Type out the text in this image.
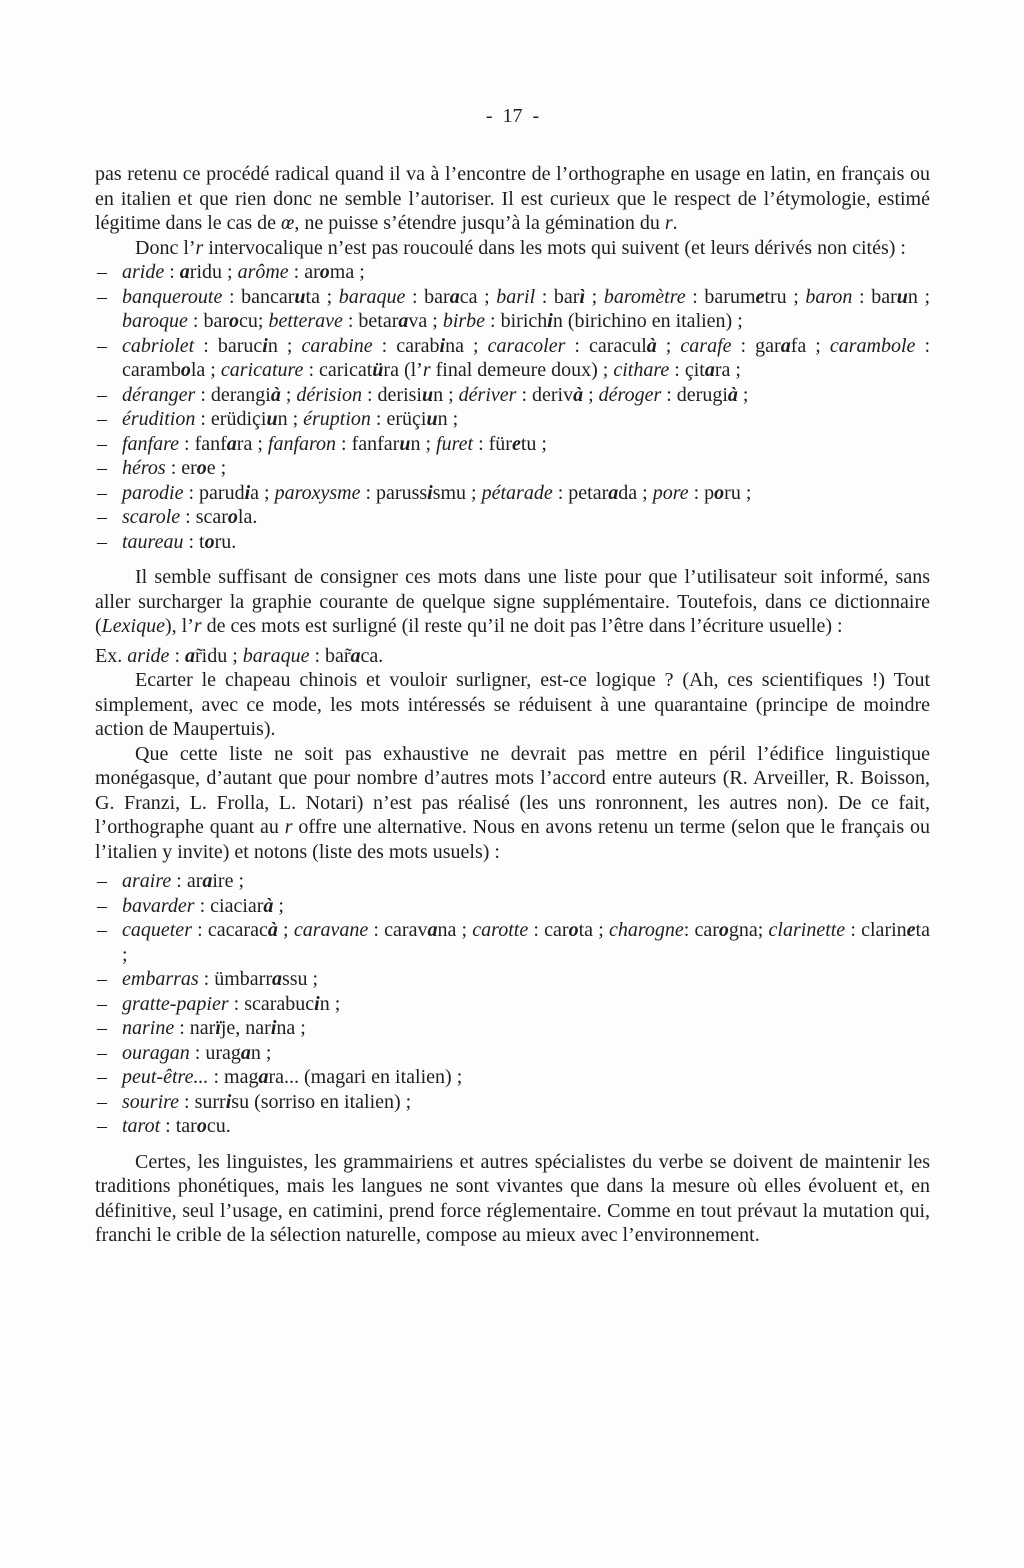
- 17 -

pas retenu ce procédé radical quand il va à l’encontre de l’orthographe en usage en latin, en français ou en italien et que rien donc ne semble l’autoriser. Il est curieux que le respect de l’étymologie, estimé légitime dans le cas de œ, ne puisse s’étendre jusqu’à la gémination du r.

Donc l’r intervocalique n’est pas roucoulé dans les mots qui suivent (et leurs dérivés non cités) :

– aride : aridu ; arôme : aroma ;
– banqueroute : bancaruta ; baraque : baraca ; baril : barì ; baromètre : barumetru ; baron : barun ; baroque : barocu; betterave : betarava ; birbe : birichin (birichino en italien) ;
– cabriolet : barucin ; carabine : carabina ; caracoler : caraculà ; carafe : garafa ; carambole : carambola ; caricature : caricatüra (l’r final demeure doux) ; cithare : çitara ;
– déranger : derangià ; dérision : derisiun ; dériver : derivà ; déroger : derugià ;
– érudition : erüdiçiun ; éruption : erüçiun ;
– fanfare : fanfara ; fanfaron : fanfarun ; furet : füretu ;
– héros : eroe ;
– parodie : parudia ; paroxysme : parussismu ; pétarade : petarada ; pore : poru ;
– scarole : scarola.
– taureau : toru.

Il semble suffisant de consigner ces mots dans une liste pour que l’utilisateur soit informé, sans aller surcharger la graphie courante de quelque signe supplémentaire. Toutefois, dans ce dictionnaire (Lexique), l’r de ces mots est surligné (il reste qu’il ne doit pas l’être dans l’écriture usuelle) :

Ex. aride : ar̃idu ; baraque : bar̃aca.

Ecarter le chapeau chinois et vouloir surligner, est-ce logique ? (Ah, ces scientifiques !) Tout simplement, avec ce mode, les mots intéressés se réduisent à une quarantaine (principe de moindre action de Maupertuis).

Que cette liste ne soit pas exhaustive ne devrait pas mettre en péril l’édifice linguistique monégasque, d’autant que pour nombre d’autres mots l’accord entre auteurs (R. Arveiller, R. Boisson, G. Franzi, L. Frolla, L. Notari) n’est pas réalisé (les uns ronronnent, les autres non). De ce fait, l’orthographe quant au r offre une alternative. Nous en avons retenu un terme (selon que le français ou l’italien y invite) et notons (liste des mots usuels) :

– araire : araire ;
– bavarder : ciaciarà ;
– caqueter : cacaracà ; caravane : caravana ; carotte : carota ; charogne: carogna; clarinette : clarineta ;
– embarras : ümbarrassu ;
– gratte-papier : scarabucin ;
– narine : narïje, narina ;
– ouragan : uragan ;
– peut-être... : magara... (magari en italien) ;
– sourire : surrisu (sorriso en italien) ;
– tarot : tarocu.

Certes, les linguistes, les grammairiens et autres spécialistes du verbe se doivent de maintenir les traditions phonétiques, mais les langues ne sont vivantes que dans la mesure où elles évoluent et, en définitive, seul l’usage, en catimini, prend force réglementaire. Comme en tout prévaut la mutation qui, franchi le crible de la sélection naturelle, compose au mieux avec l’environnement.
